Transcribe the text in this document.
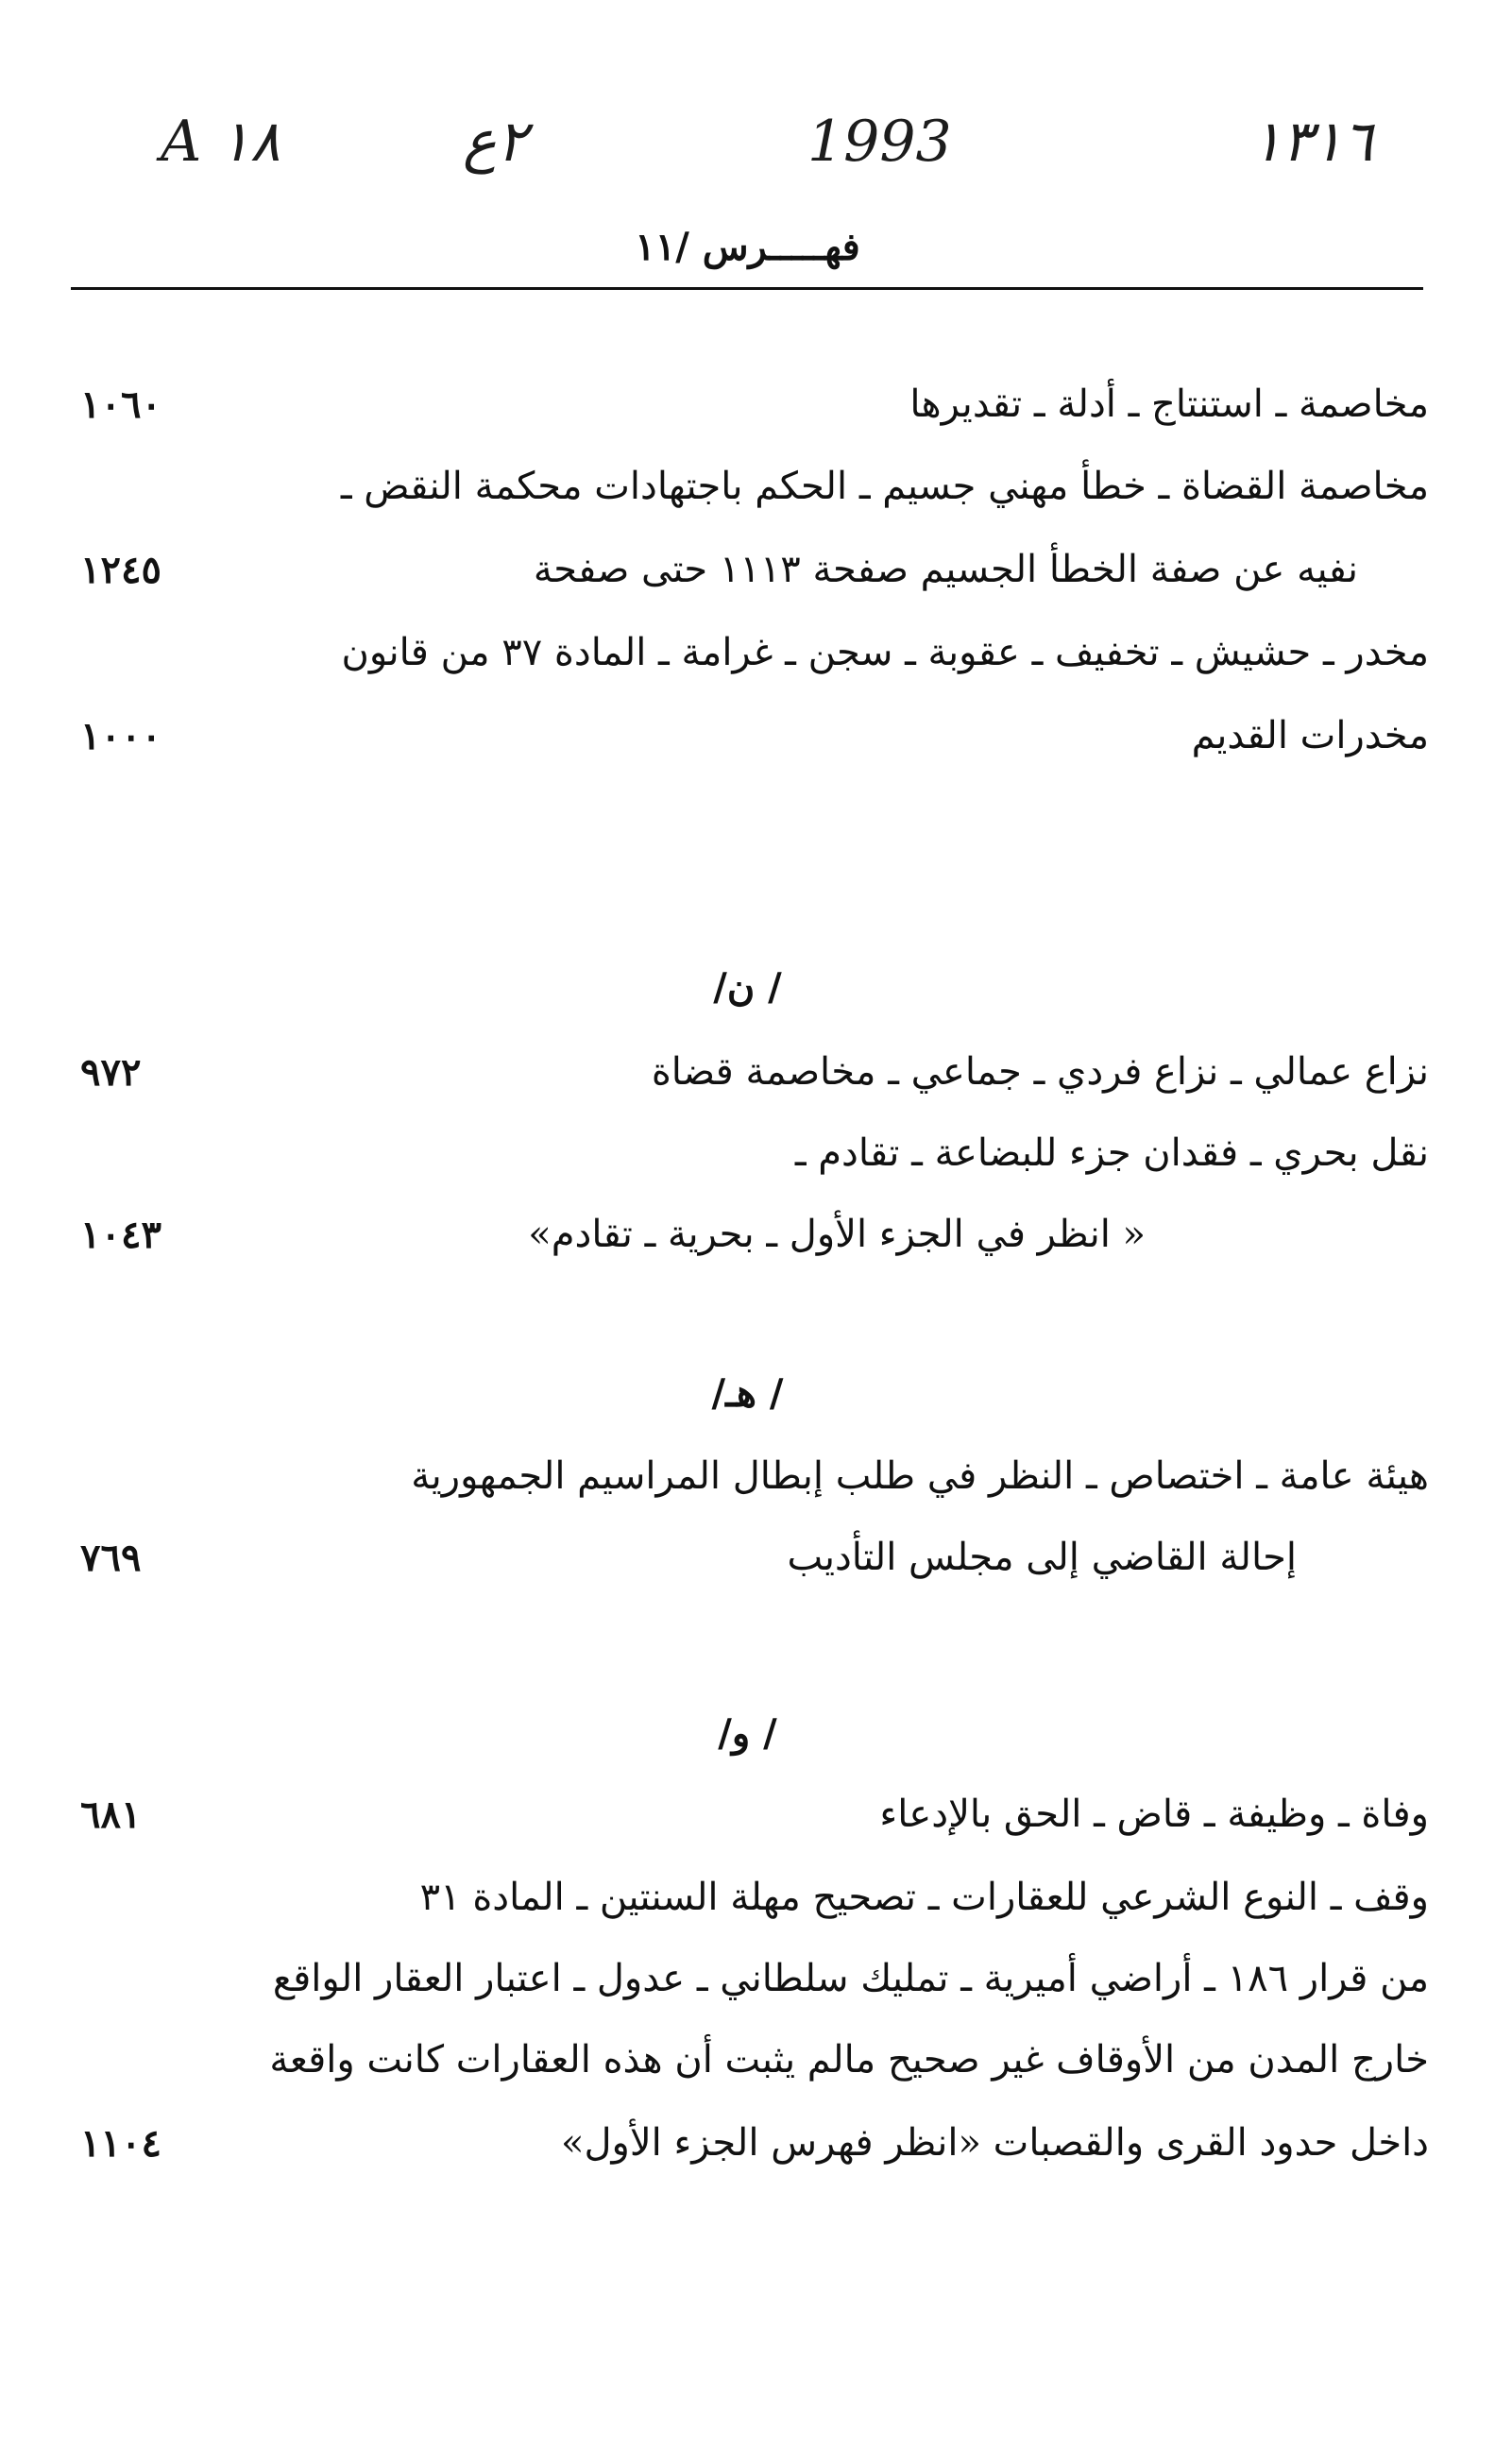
A ١٨	٢ع	1993	١٣١٦
فهـــــرس /١١
مخاصمة ـ استنتاج ـ أدلة ـ تقديرها
١٠٦٠
مخاصمة القضاة ـ خطأ مهني جسيم ـ الحكم باجتهادات محكمة النقض ـ
نفيه عن صفة الخطأ الجسيم صفحة ١١١٣ حتى صفحة
١٢٤٥
مخدر ـ حشيش ـ تخفيف ـ عقوبة ـ سجن ـ غرامة ـ المادة ٣٧ من قانون
مخدرات القديم
١٠٠٠
/ ن/
نزاع عمالي ـ نزاع فردي ـ جماعي ـ مخاصمة قضاة
٩٧٢
نقل بحري ـ فقدان جزء للبضاعة ـ تقادم ـ
« انظر في الجزء الأول ـ بحرية ـ تقادم»
١٠٤٣
/ هـ/
هيئة عامة ـ اختصاص ـ النظر في طلب إبطال المراسيم الجمهورية
إحالة القاضي إلى مجلس التأديب
٧٦٩
/ و/
وفاة ـ وظيفة ـ قاض ـ الحق بالإدعاء
٦٨١
وقف ـ النوع الشرعي للعقارات ـ تصحيح مهلة السنتين ـ المادة ٣١
من قرار ١٨٦ ـ أراضي أميرية ـ تمليك سلطاني ـ عدول ـ اعتبار العقار الواقع
خارج المدن من الأوقاف غير صحيح مالم يثبت أن هذه العقارات كانت واقعة
داخل حدود القرى والقصبات «انظر فهرس الجزء الأول»
١١٠٤
